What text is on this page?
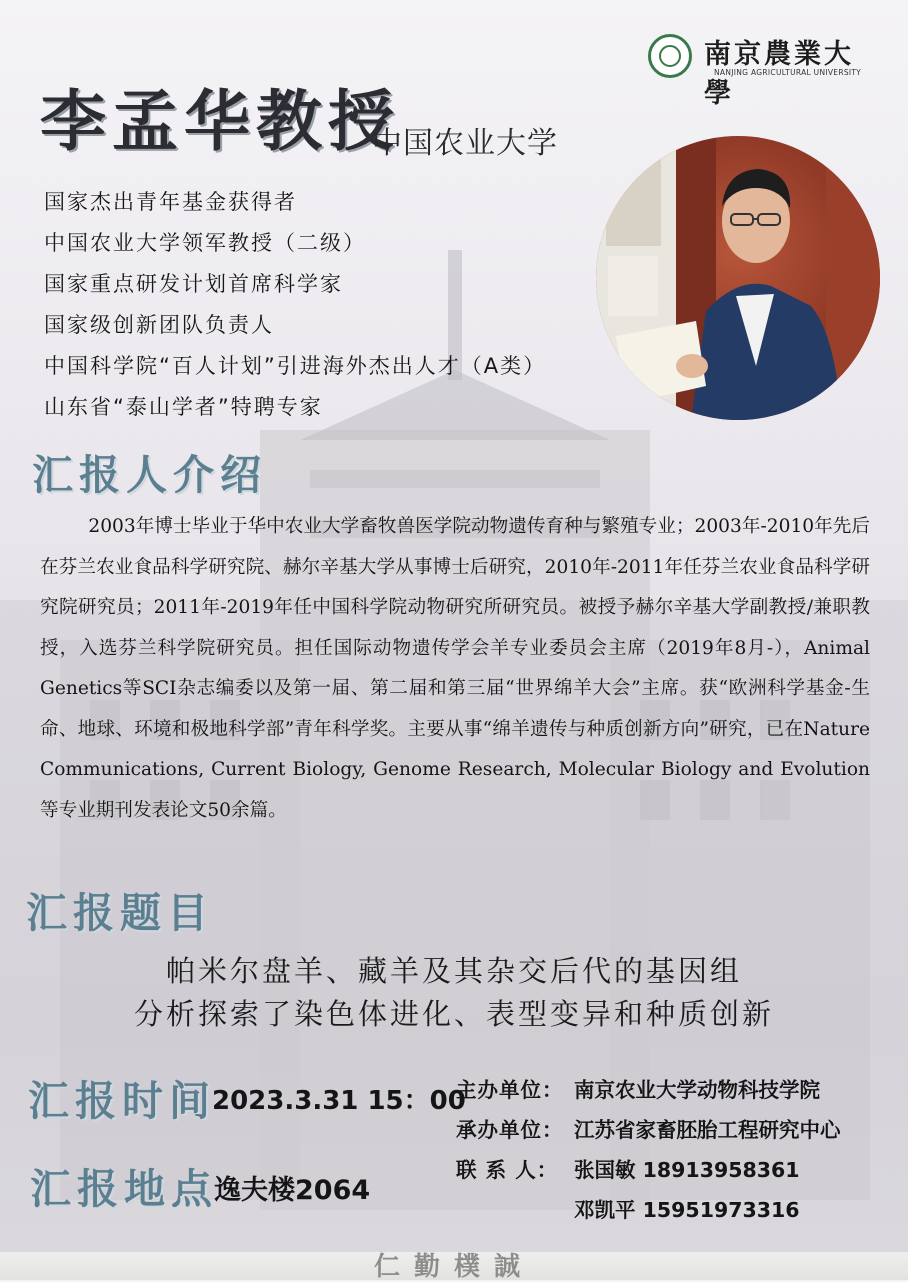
南京農業大學
NANJING AGRICULTURAL UNIVERSITY
李孟华教授
中国农业大学
国家杰出青年基金获得者
中国农业大学领军教授（二级）
国家重点研发计划首席科学家
国家级创新团队负责人
中国科学院“百人计划”引进海外杰出人才（A类）
山东省“泰山学者”特聘专家
汇报人介绍

2003年博士毕业于华中农业大学畜牧兽医学院动物遗传育种与繁殖专业；2003年-2010年先后在芬兰农业食品科学研究院、赫尔辛基大学从事博士后研究，2010年-2011年任芬兰农业食品科学研究院研究员；2011年-2019年任中国科学院动物研究所研究员。被授予赫尔辛基大学副教授/兼职教授，入选芬兰科学院研究员。担任国际动物遗传学会羊专业委员会主席（2019年8月-），Animal Genetics等SCI杂志编委以及第一届、第二届和第三届“世界绵羊大会”主席。获“欧洲科学基金-生命、地球、环境和极地科学部”青年科学奖。主要从事“绵羊遗传与种质创新方向”研究，已在Nature Communications, Current Biology, Genome Research, Molecular Biology and Evolution等专业期刊发表论文50余篇。

汇报题目
帕米尔盘羊、藏羊及其杂交后代的基因组
分析探索了染色体进化、表型变异和种质创新
汇报时间
2023.3.31 15：00
汇报地点
逸夫楼2064
主办单位： 南京农业大学动物科技学院
承办单位： 江苏省家畜胚胎工程研究中心
联 系 人： 张国敏 18913958361
邓凯平 15951973316
仁勤樸誠
